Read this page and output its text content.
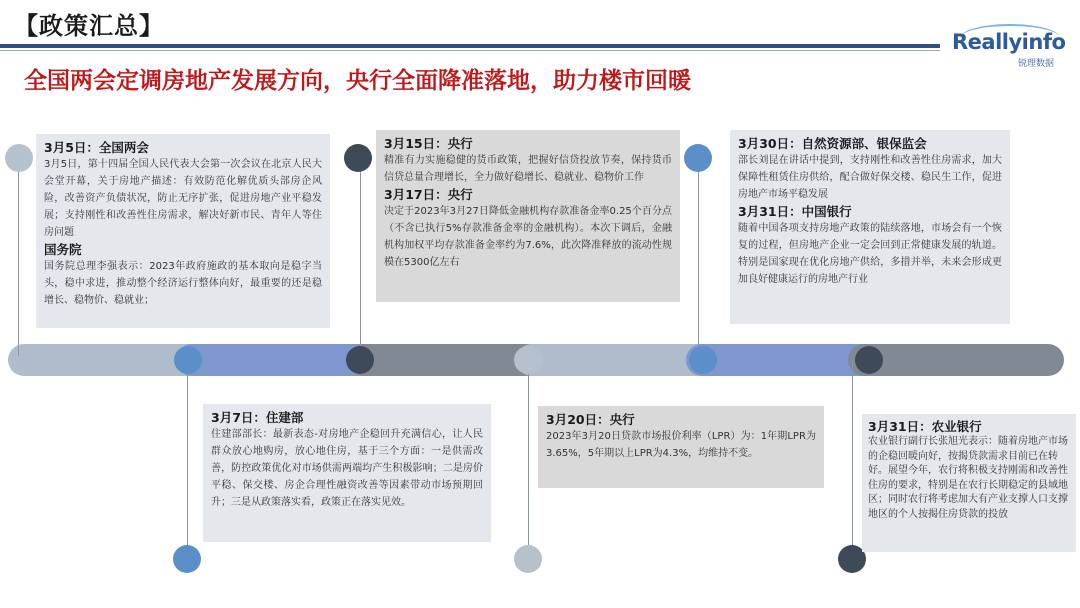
【政策汇总】
Reallyinfo
锐理数据
全国两会定调房地产发展方向，央行全面降准落地，助力楼市回暖
3月5日：全国两会
3月5日，第十四届全国人民代表大会第一次会议在北京人民大会堂开幕，关于房地产描述：有效防范化解优质头部房企风险，改善资产负债状况，防止无序扩张，促进房地产业平稳发展；支持刚性和改善性住房需求，解决好新市民、青年人等住房问题
国务院
国务院总理李强表示：2023年政府施政的基本取向是稳字当头，稳中求进，推动整个经济运行整体向好，最重要的还是稳增长、稳物价、稳就业；
3月15日：央行
精准有力实施稳健的货币政策，把握好信贷投放节奏，保持货币信贷总量合理增长，全力做好稳增长、稳就业、稳物价工作
3月17日：央行
决定于2023年3月27日降低金融机构存款准备金率0.25个百分点（不含已执行5%存款准备金率的金融机构）。本次下调后，金融机构加权平均存款准备金率约为7.6%，此次降准释放的流动性规模在5300亿左右
3月30日：自然资源部、银保监会
部长刘昆在讲话中提到，支持刚性和改善性住房需求，加大保障性租赁住房供给，配合做好保交楼、稳民生工作，促进房地产市场平稳发展
3月31日：中国银行
随着中国各项支持房地产政策的陆续落地，市场会有一个恢复的过程，但房地产企业一定会回到正常健康发展的轨道。特别是国家现在优化房地产供给，多措并举，未来会形成更加良好健康运行的房地产行业
3月7日：住建部
住建部部长：最新表态-对房地产企稳回升充满信心，让人民群众放心地购房，放心地住房，基于三个方面：一是供需改善，防控政策优化对市场供需两端均产生积极影响；二是房价平稳、保交楼、房企合理性融资改善等因素带动市场预期回升；三是从政策落实看，政策正在落实见效。
3月20日：央行
2023年3月20日贷款市场报价利率（LPR）为：1年期LPR为3.65%，5年期以上LPR为4.3%，均维持不变。
3月31日：农业银行
农业银行副行长张旭光表示：随着房地产市场的企稳回暖向好，按揭贷款需求目前已在转好。展望今年，农行将积极支持刚需和改善性住房的要求，特别是在农行长期稳定的县域地区；同时农行将考虑加大有产业支撑人口支撑地区的个人按揭住房贷款的投放
